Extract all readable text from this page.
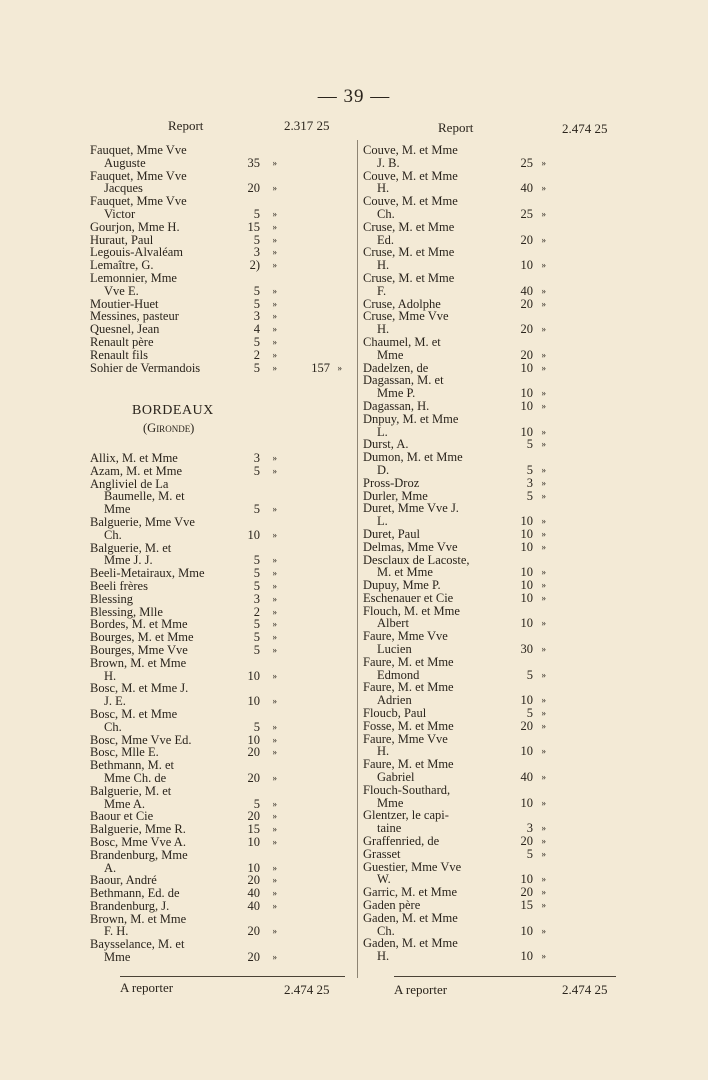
— 39 —
Report	2.317 25	Report	2.474 25
Fauquet, Mme Vve
Auguste	35 »
Fauquet, Mme Vve
Jacques	20 »
Fauquet, Mme Vve
Victor	5 »
Gourjon, Mme H.	15 »
Huraut, Paul	5 »
Legouis-Alvaléam	3 »
Lemaître, G.	2) »
Lemonnier, Mme
Vve E.	5 »
Moutier-Huet	5 »
Messines, pasteur	3 »
Quesnel, Jean	4 »
Renault père	5 »
Renault fils	2 »
Sohier de Vermandois	5 »	157 »
BORDEAUX
(Gironde)
Allix, M. et Mme	3 »
Azam, M. et Mme	5 »
Angliviel de La
Baumelle, M. et
Mme	5 »
Balguerie, Mme Vve
Ch.	10 »
Balguerie, M. et
Mme J. J.	5 »
Beeli-Metairaux, Mme	5 »
Beeli frères	5 »
Blessing	3 »
Blessing, Mlle	2 »
Bordes, M. et Mme	5 »
Bourges, M. et Mme	5 »
Bourges, Mme Vve	5 »
Brown, M. et Mme
H.	10 »
Bosc, M. et Mme J.
J. E.	10 »
Bosc, M. et Mme
Ch.	5 »
Bosc, Mme Vve Ed.	10 »
Bosc, Mlle E.	20 »
Bethmann, M. et
Mme Ch. de	20 »
Balguerie, M. et
Mme A.	5 »
Baour et Cie	20 »
Balguerie, Mme R.	15 »
Bosc, Mme Vve A.	10 »
Brandenburg, Mme
A.	10 »
Baour, André	20 »
Bethmann, Ed. de	40 »
Brandenburg, J.	40 »
Brown, M. et Mme
F. H.	20 »
Baysselance, M. et
Mme	20 »
Couve, M. et Mme
J. B.	25 »
Couve, M. et Mme
H.	40 »
Couve, M. et Mme
Ch.	25 »
Cruse, M. et Mme
Ed.	20 »
Cruse, M. et Mme
H.	10 »
Cruse, M. et Mme
F.	40 »
Cruse, Adolphe	20 »
Cruse, Mme Vve
H.	20 »
Chaumel, M. et
Mme	20 »
Dadelzen, de	10 »
Dagassan, M. et
Mme P.	10 »
Dagassan, H.	10 »
Dnpuy, M. et Mme
L.	10 »
Durst, A.	5 »
Dumon, M. et Mme
D.	5 »
Pross-Droz	3 »
Durler, Mme	5 »
Duret, Mme Vve J.
L.	10 »
Duret, Paul	10 »
Delmas, Mme Vve	10 »
Desclaux de Lacoste,
M. et Mme	10 »
Dupuy, Mme P.	10 »
Eschenauer et Cie	10 »
Flouch, M. et Mme
Albert	10 »
Faure, Mme Vve
Lucien	30 »
Faure, M. et Mme
Edmond	5 »
Faure, M. et Mme
Adrien	10 »
Floucb, Paul	5 »
Fosse, M. et Mme	20 »
Faure, Mme Vve
H.	10 »
Faure, M. et Mme
Gabriel	40 »
Flouch-Southard,
Mme	10 »
Glentzer, le capi-
taine	3 »
Graffenried, de	20 »
Grasset	5 »
Guestier, Mme Vve
W.	10 »
Garric, M. et Mme	20 »
Gaden père	15 »
Gaden, M. et Mme
Ch.	10 »
Gaden, M. et Mme
H.	10 »
A reporter	2.474 25	A reporter	2.474 25
